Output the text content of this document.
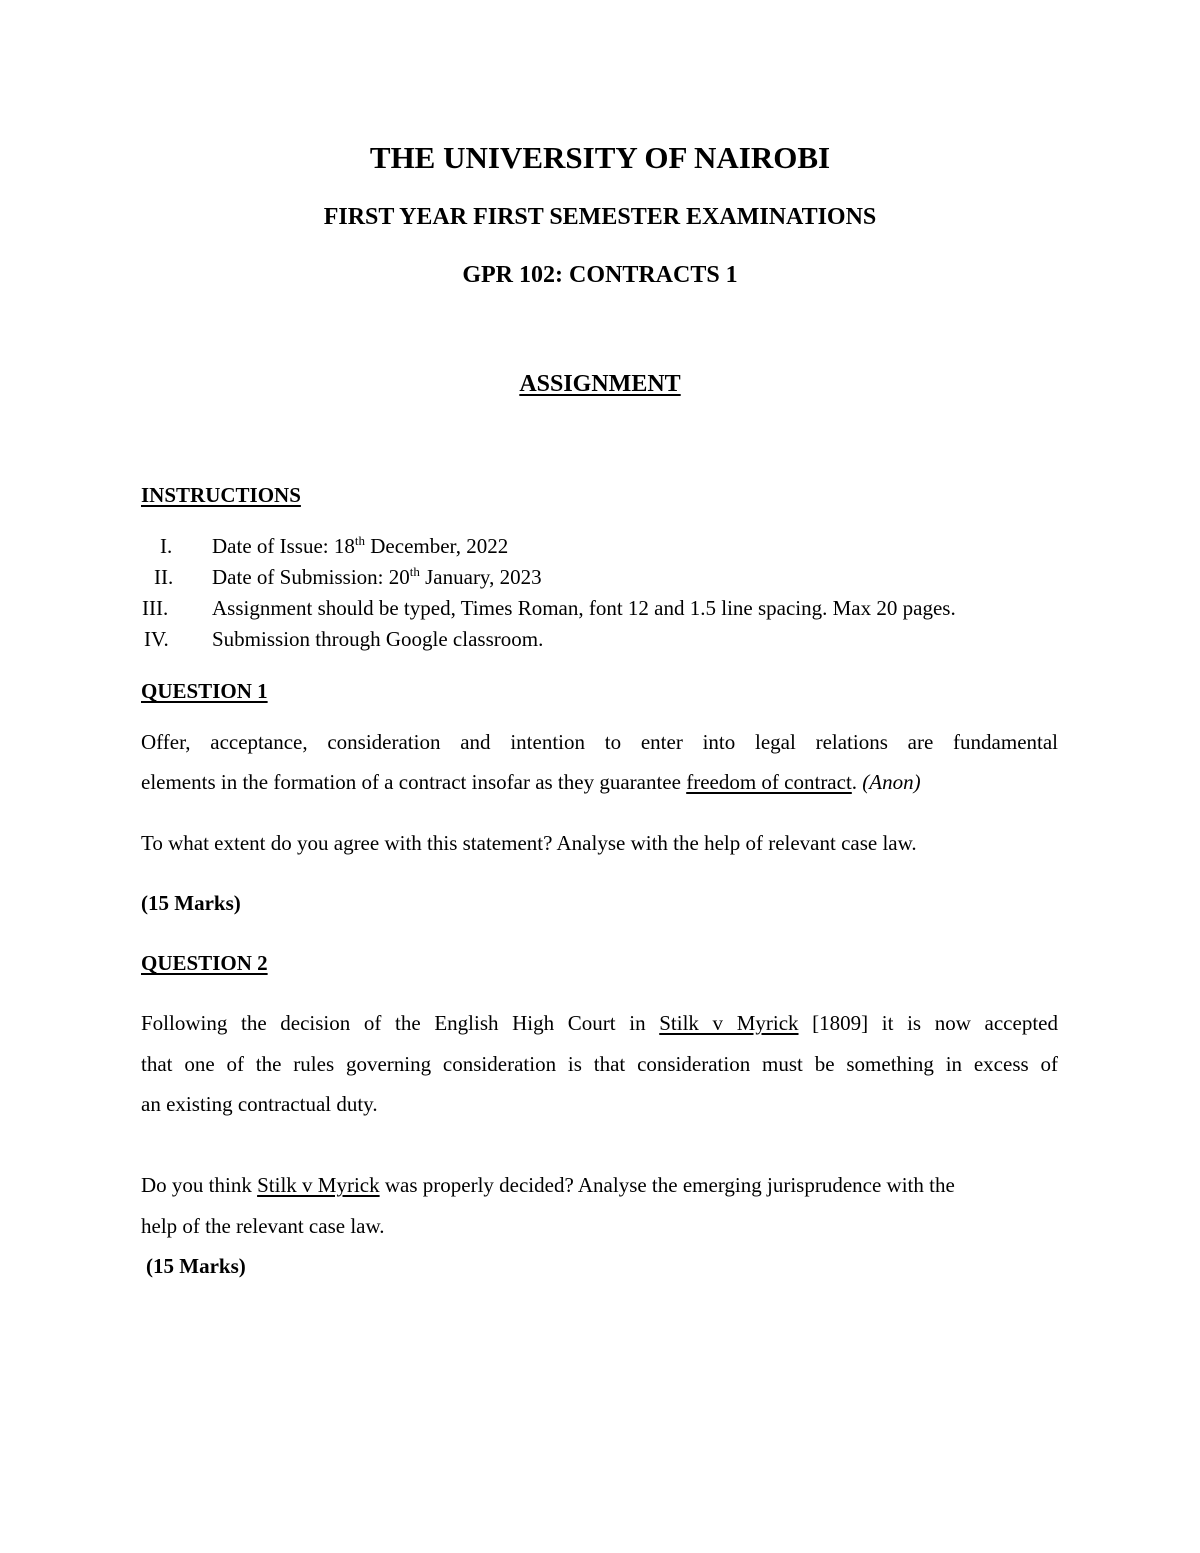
THE UNIVERSITY OF NAIROBI
FIRST YEAR FIRST SEMESTER EXAMINATIONS
GPR 102: CONTRACTS 1
ASSIGNMENT
INSTRUCTIONS
I. Date of Issue: 18th December, 2022
II. Date of Submission: 20th January, 2023
III. Assignment should be typed, Times Roman, font 12 and 1.5 line spacing. Max 20 pages.
IV. Submission through Google classroom.
QUESTION 1
Offer, acceptance, consideration and intention to enter into legal relations are fundamental
elements in the formation of a contract insofar as they guarantee freedom of contract. (Anon)
To what extent do you agree with this statement? Analyse with the help of relevant case law.
(15 Marks)
QUESTION 2
Following the decision of the English High Court in Stilk v Myrick [1809] it is now accepted
that one of the rules governing consideration is that consideration must be something in excess of
an existing contractual duty.
Do you think Stilk v Myrick was properly decided? Analyse the emerging jurisprudence with the
help of the relevant case law.
(15 Marks)
